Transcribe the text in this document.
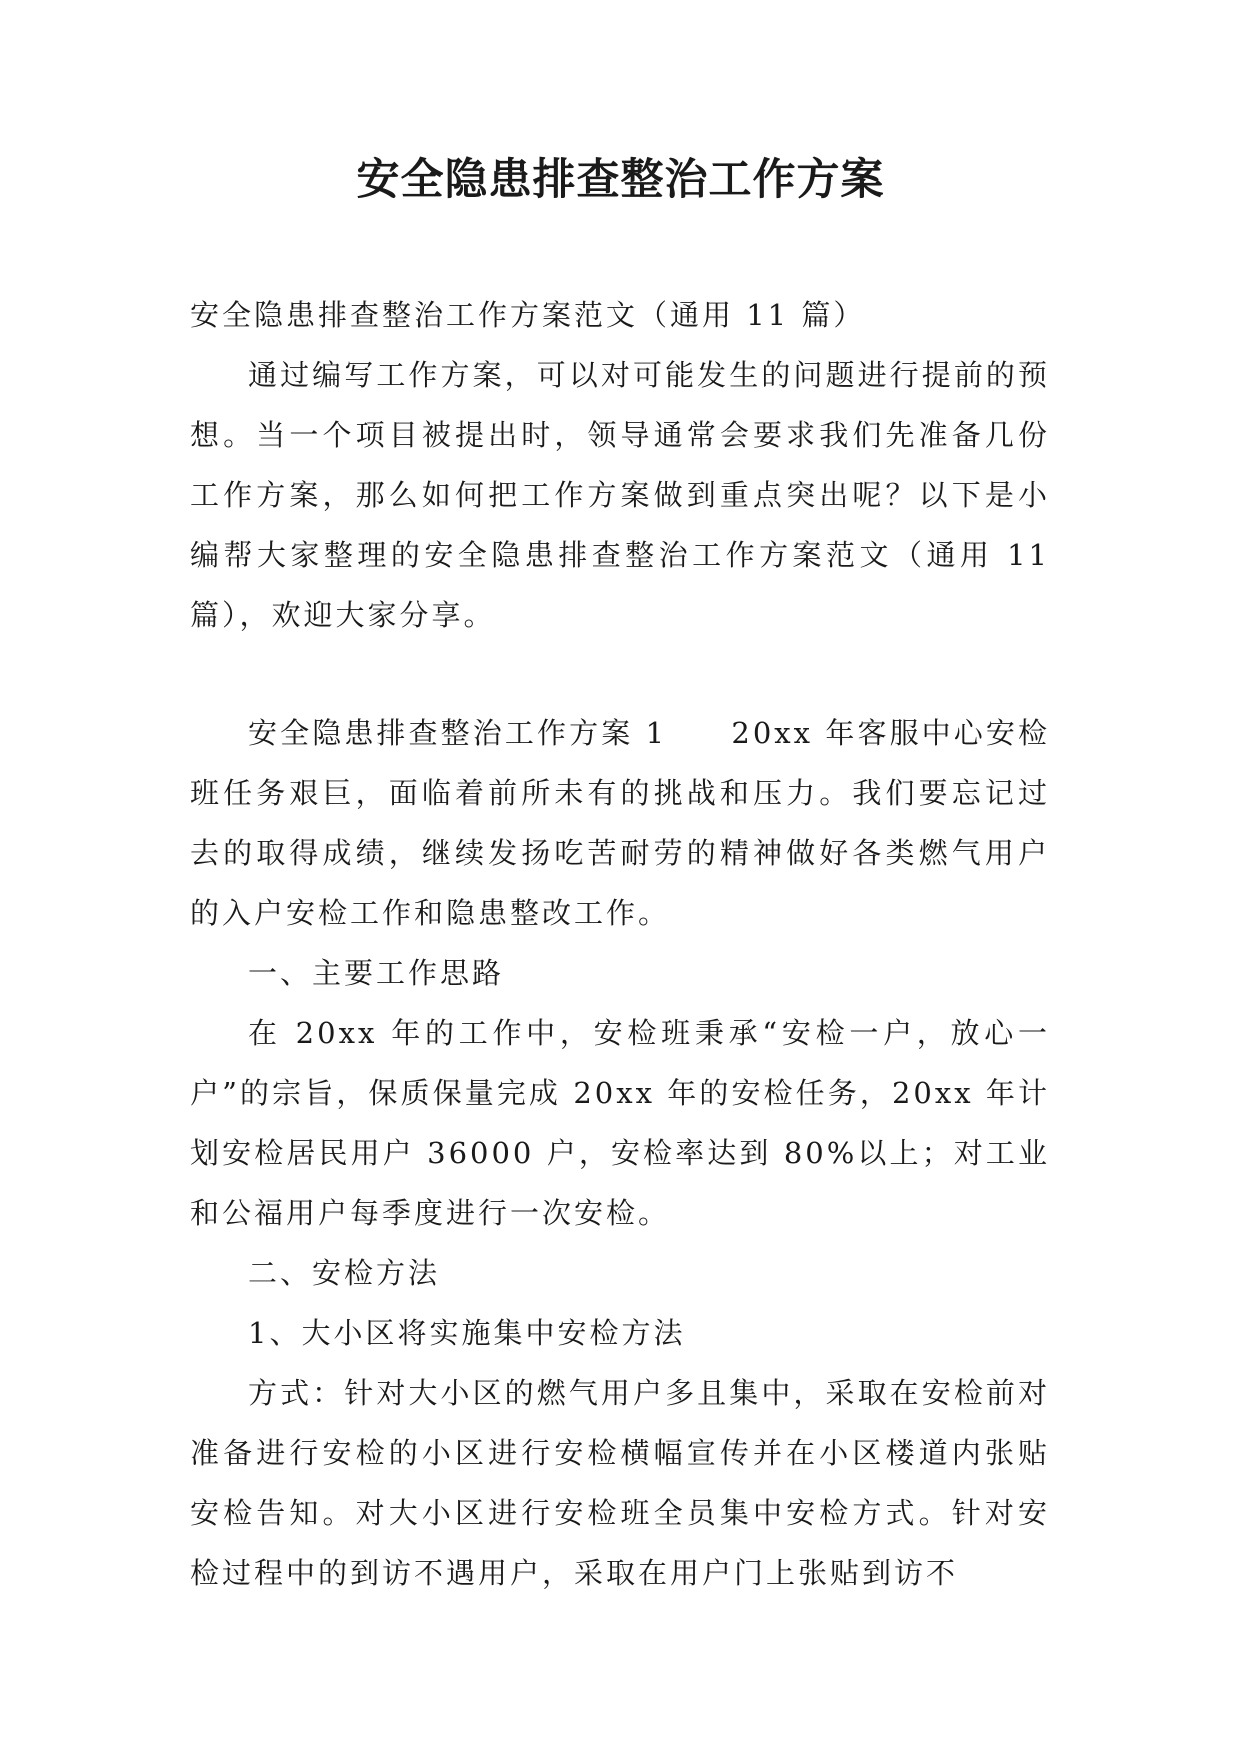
安全隐患排查整治工作方案

安全隐患排查整治工作方案范文（通用 11 篇）

通过编写工作方案，可以对可能发生的问题进行提前的预想。当一个项目被提出时，领导通常会要求我们先准备几份工作方案，那么如何把工作方案做到重点突出呢？以下是小编帮大家整理的安全隐患排查整治工作方案范文（通用 11 篇），欢迎大家分享。

安全隐患排查整治工作方案 1　　20xx 年客服中心安检班任务艰巨，面临着前所未有的挑战和压力。我们要忘记过去的取得成绩，继续发扬吃苦耐劳的精神做好各类燃气用户的入户安检工作和隐患整改工作。

一、主要工作思路

在 20xx 年的工作中，安检班秉承“安检一户，放心一户”的宗旨，保质保量完成 20xx 年的安检任务，20xx 年计划安检居民用户 36000 户，安检率达到 80%以上；对工业和公福用户每季度进行一次安检。

二、安检方法

1、大小区将实施集中安检方法

方式：针对大小区的燃气用户多且集中，采取在安检前对准备进行安检的小区进行安检横幅宣传并在小区楼道内张贴安检告知。对大小区进行安检班全员集中安检方式。针对安检过程中的到访不遇用户，采取在用户门上张贴到访不
